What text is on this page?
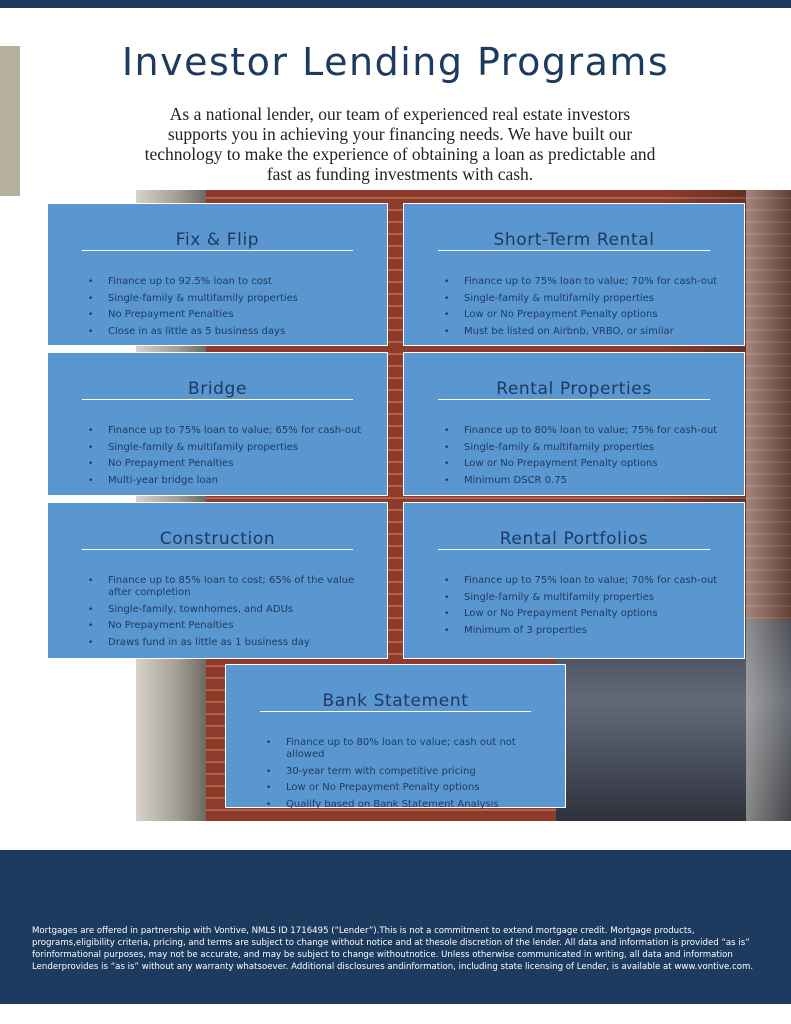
Investor Lending Programs

As a national lender, our team of experienced real estate investors supports you in achieving your financing needs. We have built our technology to make the experience of obtaining a loan as predictable and fast as funding investments with cash.

Fix & Flip
• Finance up to 92.5% loan to cost
• Single-family & multifamily properties
• No Prepayment Penalties
• Close in as little as 5 business days
Short-Term Rental
• Finance up to 75% loan to value; 70% for cash-out
• Single-family & multifamily properties
• Low or No Prepayment Penalty options
• Must be listed on Airbnb, VRBO, or similar
Bridge
• Finance up to 75% loan to value; 65% for cash-out
• Single-family & multifamily properties
• No Prepayment Penalties
• Multi-year bridge loan
Rental Properties
• Finance up to 80% loan to value; 75% for cash-out
• Single-family & multifamily properties
• Low or No Prepayment Penalty options
• Minimum DSCR 0.75
Construction
• Finance up to 85% loan to cost; 65% of the value after completion
• Single-family, townhomes, and ADUs
• No Prepayment Penalties
• Draws fund in as little as 1 business day
Rental Portfolios
• Finance up to 75% loan to value; 70% for cash-out
• Single-family & multifamily properties
• Low or No Prepayment Penalty options
• Minimum of 3 properties
Bank Statement
• Finance up to 80% loan to value; cash out not allowed
• 30-year term with competitive pricing
• Low or No Prepayment Penalty options
• Qualify based on Bank Statement Analysis

Mortgages are offered in partnership with Vontive, NMLS ID 1716495 (“Lender”).This is not a commitment to extend mortgage credit. Mortgage products, programs,eligibility criteria, pricing, and terms are subject to change without notice and at thesole discretion of the lender. All data and information is provided “as is” forinformational purposes, may not be accurate, and may be subject to change withoutnotice. Unless otherwise communicated in writing, all data and information Lenderprovides is “as is” without any warranty whatsoever. Additional disclosures andinformation, including state licensing of Lender, is available at www.vontive.com.
